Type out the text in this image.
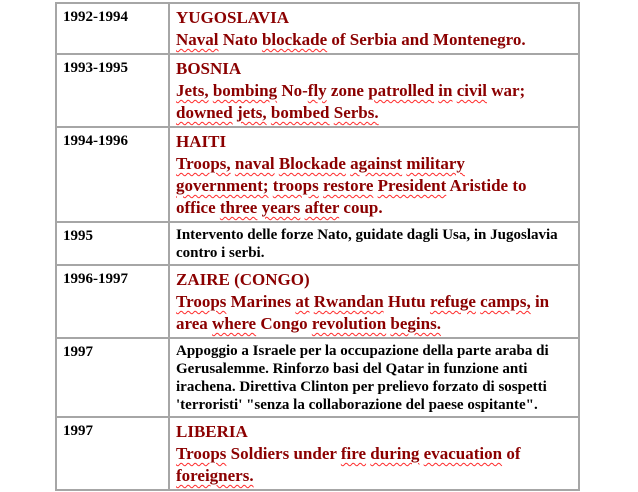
1992-1994	YUGOSLAVIA
Naval Nato blockade of Serbia and Montenegro.

1993-1995	BOSNIA
Jets, bombing No-fly zone patrolled in civil war;
downed jets, bombed Serbs.

1994-1996	HAITI
Troops, naval Blockade against military
government; troops restore President Aristide to
office three years after coup.

1995	Intervento delle forze Nato, guidate dagli Usa, in Jugoslavia
contro i serbi.

1996-1997	ZAIRE (CONGO)
Troops Marines at Rwandan Hutu refuge camps, in
area where Congo revolution begins.

1997	Appoggio a Israele per la occupazione della parte araba di
Gerusalemme. Rinforzo basi del Qatar in funzione anti
irachena. Direttiva Clinton per prelievo forzato di sospetti
'terroristi' "senza la collaborazione del paese ospitante".

1997	LIBERIA
Troops Soldiers under fire during evacuation of
foreigners.
